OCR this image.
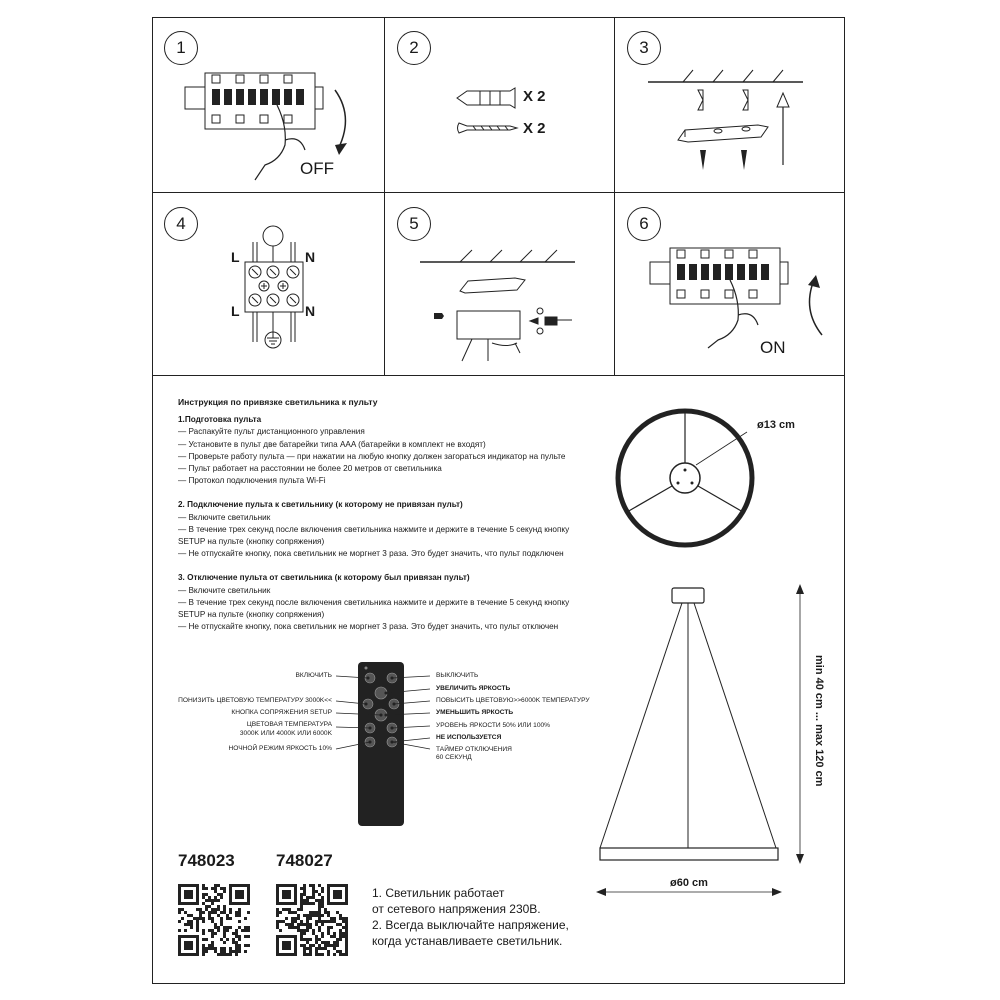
1	2	3
4	5	6
OFF
X 2
X 2
L	N
L	N
ON
Инструкция по привязке светильника к пульту
1.Подготовка пульта
— Распакуйте пульт дистанционного управления
— Установите в пульт две батарейки типа AAA (батарейки в комплект не входят)
— Проверьте работу пульта — при нажатии на любую кнопку должен загораться индикатор на пульте
— Пульт работает на расстоянии не более 20 метров от светильника
— Протокол подключения пульта Wi-Fi
2. Подключение пульта к светильнику (к которому не привязан пульт)
— Включите светильник
— В течение трех секунд после включения светильника нажмите и держите в течение 5 секунд кнопку
SETUP на пульте (кнопку сопряжения)
— Не отпускайте кнопку, пока светильник не моргнет 3 раза. Это будет значить, что пульт подключен
3. Отключение пульта от светильника (к которому был привязан пульт)
— Включите светильник
— В течение трех секунд после включения светильника нажмите и держите в течение 5 секунд кнопку
SETUP на пульте (кнопку сопряжения)
— Не отпускайте кнопку, пока светильник не моргнет 3 раза. Это будет значить, что пульт отключен
ВКЛЮЧИТЬ
ПОНИЗИТЬ ЦВЕТОВУЮ ТЕМПЕРАТУРУ 3000K<<
КНОПКА СОПРЯЖЕНИЯ SETUP
ЦВЕТОВАЯ ТЕМПЕРАТУРА
3000K ИЛИ 4000K ИЛИ 6000K
НОЧНОЙ РЕЖИМ ЯРКОСТЬ 10%
ВЫКЛЮЧИТЬ
УВЕЛИЧИТЬ ЯРКОСТЬ
ПОВЫСИТЬ ЦВЕТОВУЮ>>6000K ТЕМПЕРАТУРУ
УМЕНЬШИТЬ ЯРКОСТЬ
УРОВЕНЬ ЯРКОСТИ 50% ИЛИ 100%
НЕ ИСПОЛЬЗУЕТСЯ
ТАЙМЕР ОТКЛЮЧЕНИЯ
60 СЕКУНД
ø13 cm
min 40 cm ... max 120 cm
ø60 cm
748023 748027
1. Светильник работает
от сетевого напряжения 230В.
2. Всегда выключайте напряжение,
когда устанавливаете светильник.
